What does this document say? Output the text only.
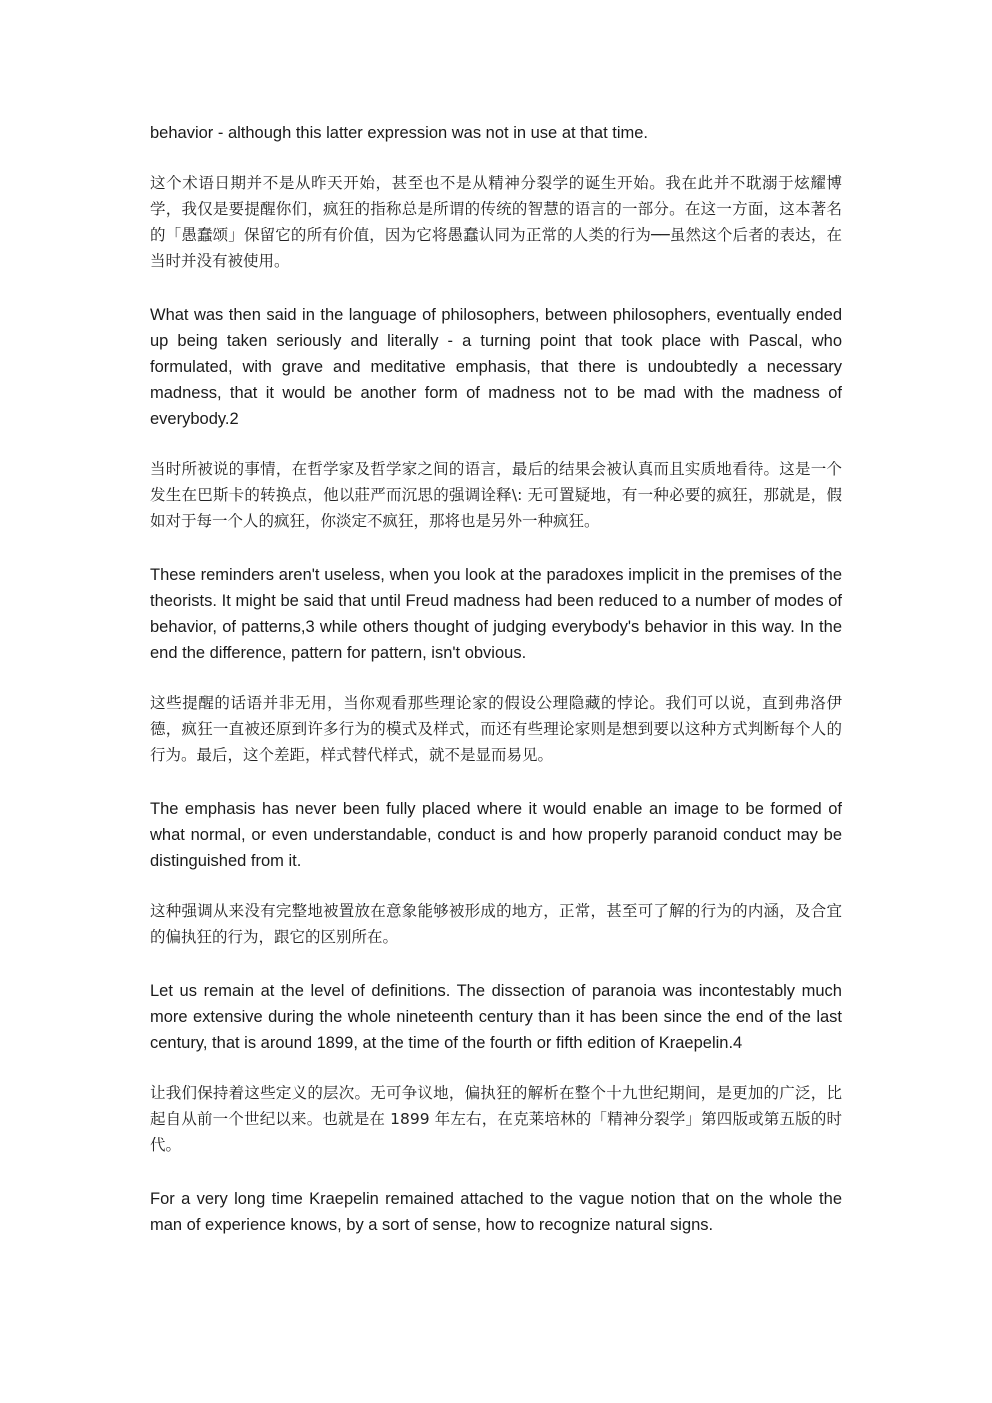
behavior - although this latter expression was not in use at that time.

这个术语日期并不是从昨天开始，甚至也不是从精神分裂学的诞生开始。我在此并不耽溺于炫耀博学，我仅是要提醒你们，疯狂的指称总是所谓的传统的智慧的语言的一部分。在这一方面，这本著名的「愚蠢颂」保留它的所有价值，因为它将愚蠢认同为正常的人类的行为──虽然这个后者的表达，在当时并没有被使用。

What was then said in the language of philosophers, between philosophers, eventually ended up being taken seriously and literally - a turning point that took place with Pascal, who formulated, with grave and meditative emphasis, that there is undoubtedly a necessary madness, that it would be another form of madness not to be mad with the madness of everybody.2

当时所被说的事情，在哲学家及哲学家之间的语言，最后的结果会被认真而且实质地看待。这是一个发生在巴斯卡的转换点，他以莊严而沉思的强调诠释\: 无可置疑地，有一种必要的疯狂，那就是，假如对于每一个人的疯狂，你淡定不疯狂，那将也是另外一种疯狂。

These reminders aren't useless, when you look at the paradoxes implicit in the premises of the theorists. It might be said that until Freud madness had been reduced to a number of modes of behavior, of patterns,3 while others thought of judging everybody's behavior in this way. In the end the difference, pattern for pattern, isn't obvious.

这些提醒的话语并非无用，当你观看那些理论家的假设公理隐藏的悖论。我们可以说，直到弗洛伊德，疯狂一直被还原到许多行为的模式及样式，而还有些理论家则是想到要以这种方式判断每个人的行为。最后，这个差距，样式替代样式，就不是显而易见。

The emphasis has never been fully placed where it would enable an image to be formed of what normal, or even understandable, conduct is and how properly paranoid conduct may be distinguished from it.

这种强调从来没有完整地被置放在意象能够被形成的地方，正常，甚至可了解的行为的内涵，及合宜的偏执狂的行为，跟它的区别所在。

Let us remain at the level of definitions. The dissection of paranoia was incontestably much more extensive during the whole nineteenth century than it has been since the end of the last century, that is around 1899, at the time of the fourth or fifth edition of Kraepelin.4

让我们保持着这些定义的层次。无可争议地，偏执狂的解析在整个十九世纪期间，是更加的广泛，比起自从前一个世纪以来。也就是在 1899 年左右，在克莱培林的「精神分裂学」第四版或第五版的时代。

For a very long time Kraepelin remained attached to the vague notion that on the whole the man of experience knows, by a sort of sense, how to recognize natural signs.
